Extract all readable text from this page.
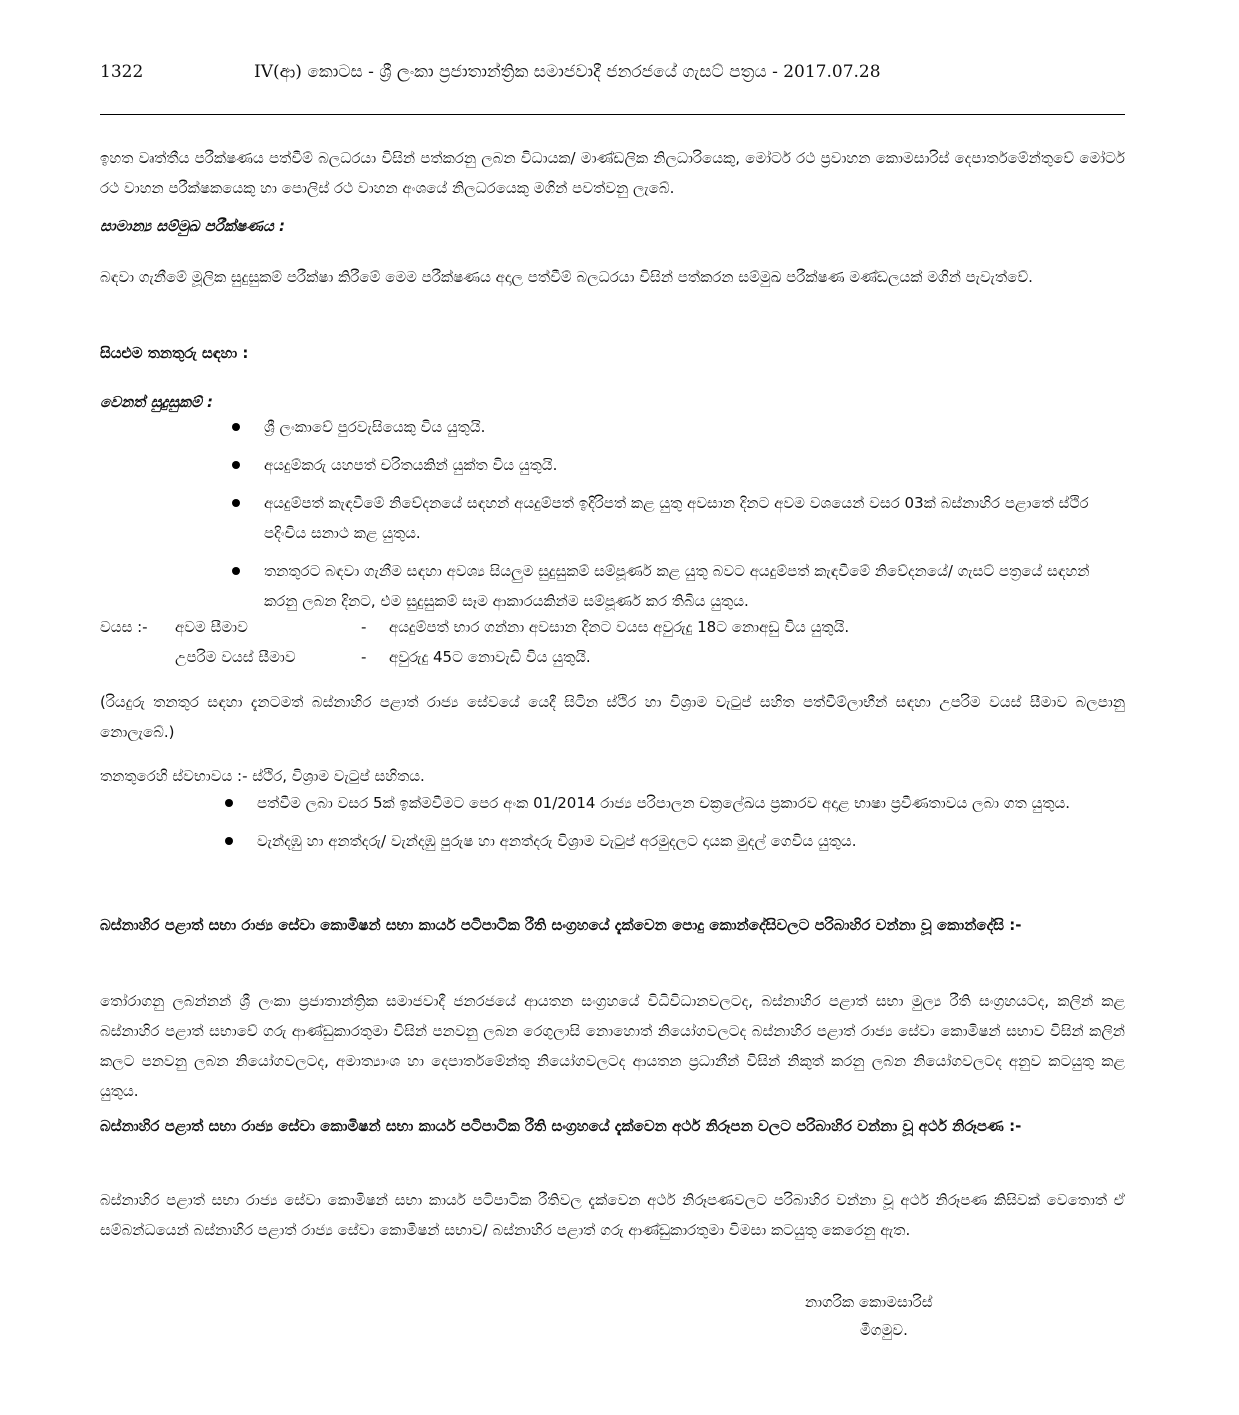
1322	IV(ආ) කොටස - ශ්‍රී ලංකා ප්‍රජාතාන්ත්‍රික සමාජවාදී ජනරජයේ ගැසට් පත්‍රය - 2017.07.28
ඉහත වෘත්තීය පරීක්ෂණය පත්වීම් බලධරයා විසින් පත්කරනු ලබන විධායක/ මාණ්ඩලික නිලධාරියෙකු, මෝටර් රථ ප්‍රවාහන කොමසාරිස් දෙපාර්තමේන්තුවේ මෝටර් රථ වාහන පරීක්ෂකයෙකු හා පොලිස් රථ වාහන අංශයේ නිලධරයෙකු මගින් පවත්වනු ලැබේ.
සාමාන්‍ය සම්මුඛ පරීක්ෂණය :
බඳවා ගැනීමේ මූලික සුදුසුකම් පරීක්ෂා කිරීමේ මෙම පරීක්ෂණය අදාල පත්වීම් බලධරයා විසින් පත්කරන සම්මුඛ පරීක්ෂණ මණ්ඩලයක් මගින් පැවැත්වේ.
සියළුම තනතුරු සඳහා :
වෙනත් සුදුසුකම් :
ශ්‍රී ලංකාවේ පුරවැසියෙකු විය යුතුයි.
අයදුම්කරු යහපත් චරිතයකින් යුක්ත විය යුතුයි.
අයදුම්පත් කැඳවීමේ නිවේදනයේ සඳහන් අයදුම්පත් ඉදිරිපත් කළ යුතු අවසාන දිනට අවම වශයෙන් වසර 03ක් බස්නාහිර පළාතේ ස්ථිර පදිංචිය සනාථ කළ යුතුය.
තනතුරට බඳවා ගැනීම සඳහා අවශ්‍ය සියලුම සුදුසුකම් සම්පූර්ණ කළ යුතු බවට අයදුම්පත් කැඳවීමේ නිවේදනයේ/ ගැසට් පත්‍රයේ සඳහන් කරනු ලබන දිනට, එම සුදුසුකම් සෑම ආකාරයකින්ම සම්පූර්ණ කර තිබිය යුතුය.
වයස :-	අවම සීමාව	-	අයදුම්පත් භාර ගන්නා අවසාන දිනට වයස අවුරුදු 18ට නොඅඩු විය යුතුයි.
	උපරිම වයස් සීමාව	-	අවුරුදු 45ට නොවැඩි විය යුතුයි.
(රියදුරු තනතුර සඳහා දැනටමත් බස්නාහිර පළාත් රාජ්‍ය සේවයේ යෙදී සිටින ස්ථිර හා විශ්‍රාම වැටුප් සහිත පත්වීම්ලාභීන් සඳහා උපරිම වයස් සීමාව බලපානු නොලැබේ.)
තනතුරෙහි ස්වභාවය :- ස්ථිර, විශ්‍රාම වැටුප් සහිතය.
පත්වීම ලබා වසර 5ක් ඉක්මවීමට පෙර අංක 01/2014 රාජ්‍ය පරිපාලන චක්‍රලේඛය ප්‍රකාරව අදාළ භාෂා ප්‍රවීණතාවය ලබා ගත යුතුය.
වැන්දඹු හා අනත්දරු/ වැන්දඹු පුරුෂ හා අනත්දරු විශ්‍රාම වැටුප් අරමුදලට දායක මුදල් ගෙවිය යුතුය.
බස්නාහිර පළාත් සභා රාජ්‍ය සේවා කොමිෂන් සභා කාර්ය පටිපාටික රීති සංග්‍රහයේ දැක්වෙන පොදු කොන්දේසිවලට පරිබාහිර වන්නා වූ කොන්දේසි :-
තෝරාගනු ලබන්නන් ශ්‍රී ලංකා ප්‍රජාතාන්ත්‍රික සමාජවාදී ජනරජයේ ආයතන සංග්‍රහයේ විධිවිධානවලටද, බස්නාහිර පළාත් සභා මුල්‍ය රීති සංග්‍රහයටද, කලින් කළ බස්නාහිර පළාත් සභාවේ ගරු ආණ්ඩුකාරතුමා විසින් පනවනු ලබන රෙගුලාසි නොහොත් නියෝගවලටද බස්නාහිර පළාත් රාජ්‍ය සේවා කොමිෂන් සභාව විසින් කලින් කලට පනවනු ලබන නියෝගවලටද, අමාත්‍යාංශ හා දෙපාර්තමේන්තු නියෝගවලටද ආයතන ප්‍රධානීන් විසින් නිකුත් කරනු ලබන නියෝගවලටද අනුව කටයුතු කළ යුතුය.
බස්නාහිර පළාත් සභා රාජ්‍ය සේවා කොමිෂන් සභා කාර්ය පටිපාටික රීති සංග්‍රහයේ දැක්වෙන අර්ථ නිරූපන වලට පරිබාහිර වන්නා වූ අර්ථ නිරූපණ :-
බස්නාහිර පළාත් සභා රාජ්‍ය සේවා කොමිෂන් සභා කාර්ය පටිපාටික රීතිවල දැක්වෙන අර්ථ නිරූපණවලට පරිබාහිර වන්නා වූ අර්ථ නිරූපණ කිසිවක් වෙතොත් ඒ සම්බන්ධයෙන් බස්නාහිර පළාත් රාජ්‍ය සේවා කොමිෂන් සභාව/ බස්නාහිර පළාත් ගරු ආණ්ඩුකාරතුමා විමසා කටයුතු කෙරෙනු ඇත.
නාගරික කොමසාරිස්
මීගමුව.
